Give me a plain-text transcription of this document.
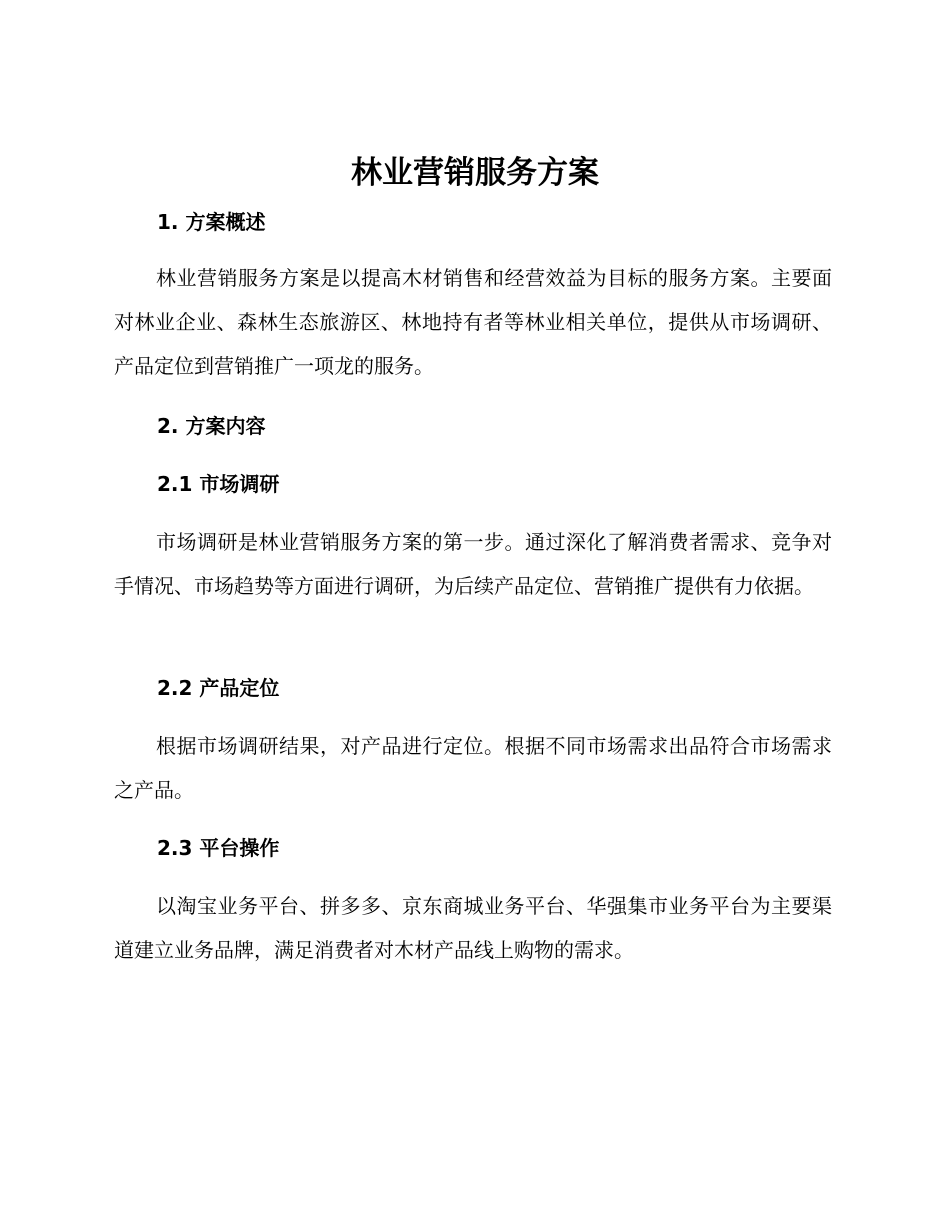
林业营销服务方案
1. 方案概述

林业营销服务方案是以提高木材销售和经营效益为目标的服务方案。主要面对林业企业、森林生态旅游区、林地持有者等林业相关单位，提供从市场调研、产品定位到营销推广一项龙的服务。

2. 方案内容
2.1 市场调研

市场调研是林业营销服务方案的第一步。通过深化了解消费者需求、竞争对手情况、市场趋势等方面进行调研，为后续产品定位、营销推广提供有力依据。

2.2 产品定位

根据市场调研结果，对产品进行定位。根据不同市场需求出品符合市场需求之产品。

2.3 平台操作

以淘宝业务平台、拼多多、京东商城业务平台、华强集市业务平台为主要渠道建立业务品牌，满足消费者对木材产品线上购物的需求。
